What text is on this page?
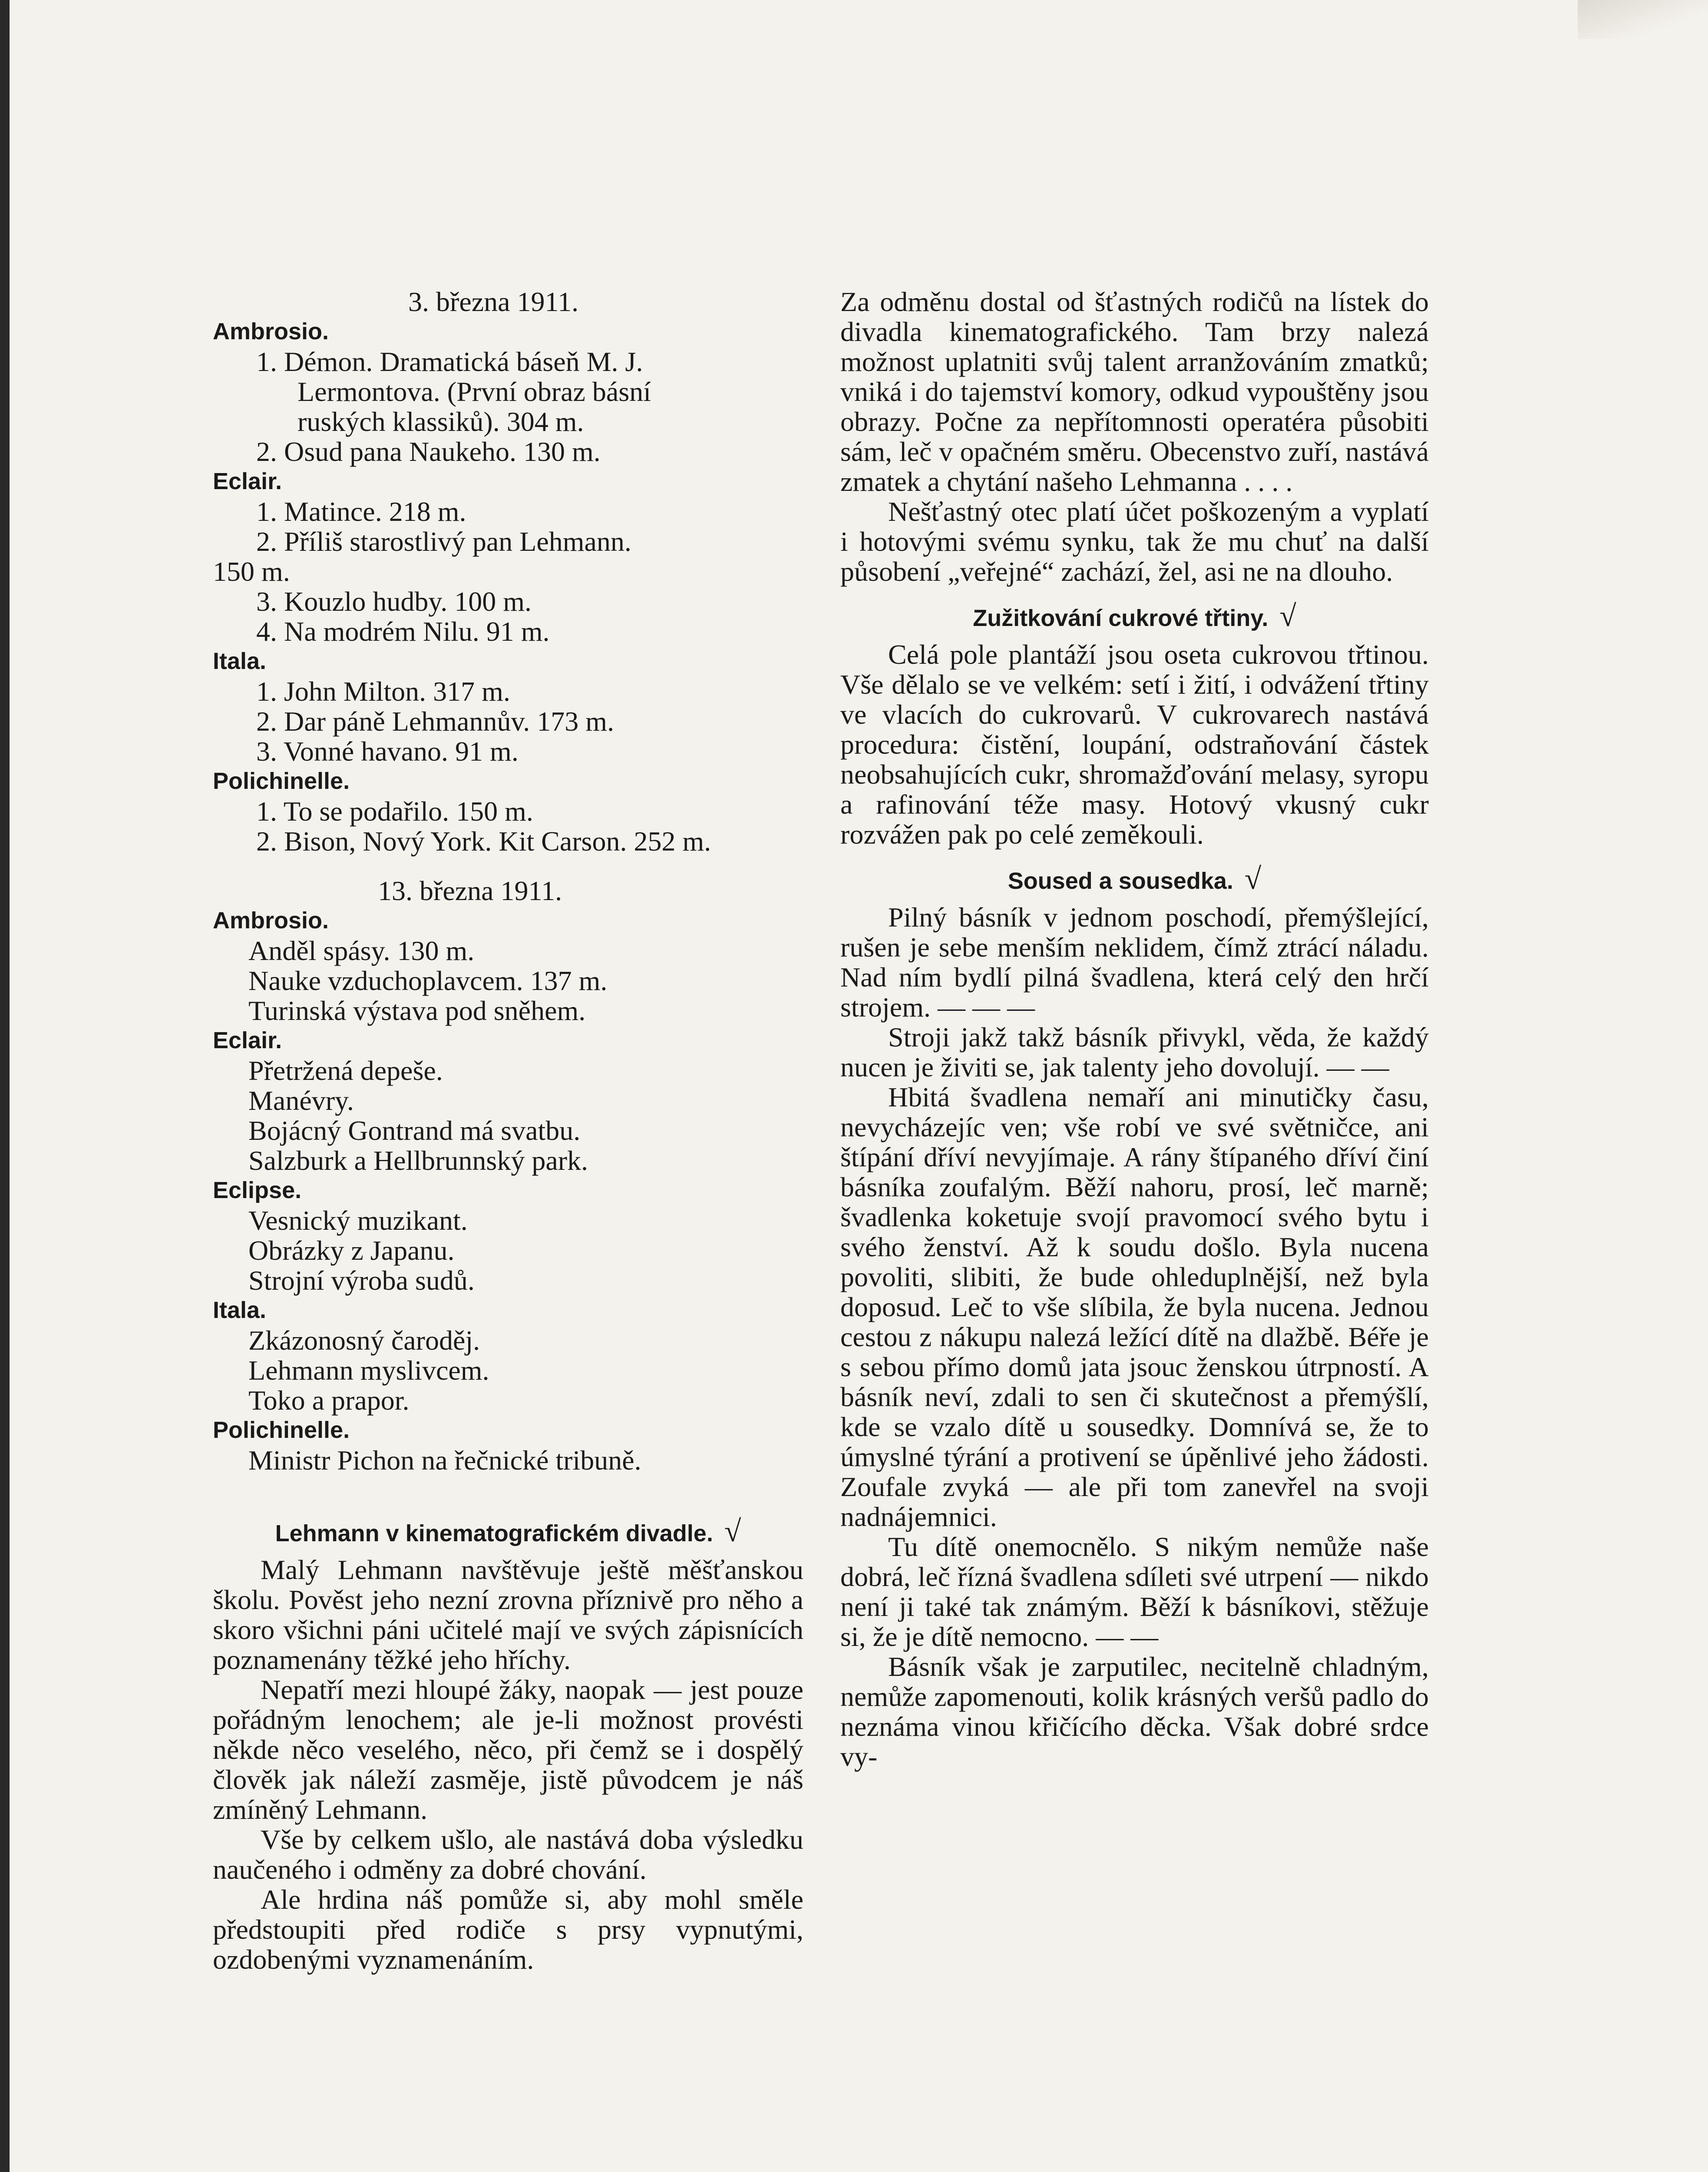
3. března 1911.
Ambrosio.
1. Démon. Dramatická báseň M. J.
Lermontova. (První obraz básní
ruských klassiků). 304 m.
2. Osud pana Naukeho. 130 m.
Eclair.
1. Matince. 218 m.
2. Příliš starostlivý pan Lehmann.
150 m.
3. Kouzlo hudby. 100 m.
4. Na modrém Nilu. 91 m.
Itala.
1. John Milton. 317 m.
2. Dar páně Lehmannův. 173 m.
3. Vonné havano. 91 m.
Polichinelle.
1. To se podařilo. 150 m.
2. Bison, Nový York. Kit Carson. 252 m.
13. března 1911.
Ambrosio.
Anděl spásy. 130 m.
Nauke vzduchoplavcem. 137 m.
Turinská výstava pod sněhem.
Eclair.
Přetržená depeše.
Manévry.
Bojácný Gontrand má svatbu.
Salzburk a Hellbrunnský park.
Eclipse.
Vesnický muzikant.
Obrázky z Japanu.
Strojní výroba sudů.
Itala.
Zkázonosný čaroděj.
Lehmann myslivcem.
Toko a prapor.
Polichinelle.
Ministr Pichon na řečnické tribuně.
Lehmann v kinematografickém divadle. √
Malý Lehmann navštěvuje ještě měšťanskou školu. Pověst jeho nezní zrovna příznivě pro něho a skoro všichni páni učitelé mají ve svých zápisnících poznamenány těžké jeho hříchy.
Nepatří mezi hloupé žáky, naopak — jest pouze pořádným lenochem; ale je-li možnost provésti někde něco veselého, něco, při čemž se i dospělý člověk jak náleží zasměje, jistě původcem je náš zmíněný Lehmann.
Vše by celkem ušlo, ale nastává doba výsledku naučeného i odměny za dobré chování.
Ale hrdina náš pomůže si, aby mohl směle předstoupiti před rodiče s prsy vypnutými, ozdobenými vyznamenáním.
Za odměnu dostal od šťastných rodičů na lístek do divadla kinematografického. Tam brzy nalezá možnost uplatniti svůj talent arranžováním zmatků; vniká i do tajemství komory, odkud vypouštěny jsou obrazy. Počne za nepřítomnosti operatéra působiti sám, leč v opačném směru. Obecenstvo zuří, nastává zmatek a chytání našeho Lehmanna . . . .
Nešťastný otec platí účet poškozeným a vyplatí i hotovými svému synku, tak že mu chuť na další působení „veřejné“ zachází, žel, asi ne na dlouho.
Zužitkování cukrové třtiny. √
Celá pole plantáží jsou oseta cukrovou třtinou. Vše dělalo se ve velkém: setí i žití, i odvážení třtiny ve vlacích do cukrovarů. V cukrovarech nastává procedura: čistění, loupání, odstraňování částek neobsahujících cukr, shromažďování melasy, syropu a rafinování téže masy. Hotový vkusný cukr rozvážen pak po celé zeměkouli.
Soused a sousedka. √
Pilný básník v jednom poschodí, přemýšlející, rušen je sebe menším neklidem, čímž ztrácí náladu. Nad ním bydlí pilná švadlena, která celý den hrčí strojem. — — —
Stroji jakž takž básník přivykl, věda, že každý nucen je živiti se, jak talenty jeho dovolují. — —
Hbitá švadlena nemaří ani minutičky času, nevycházejíc ven; vše robí ve své světničce, ani štípání dříví nevyjímaje. A rány štípaného dříví činí básníka zoufalým. Běží nahoru, prosí, leč marně; švadlenka koketuje svojí pravomocí svého bytu i svého ženství. Až k soudu došlo. Byla nucena povoliti, slibiti, že bude ohleduplnější, než byla doposud. Leč to vše slíbila, že byla nucena. Jednou cestou z nákupu nalezá ležící dítě na dlažbě. Béře je s sebou přímo domů jata jsouc ženskou útrpností. A básník neví, zdali to sen či skutečnost a přemýšlí, kde se vzalo dítě u sousedky. Domnívá se, že to úmyslné týrání a protivení se úpěnlivé jeho žádosti. Zoufale zvyká — ale při tom zanevřel na svoji nadnájemnici.
Tu dítě onemocnělo. S nikým nemůže naše dobrá, leč řízná švadlena sdíleti své utrpení — nikdo není ji také tak známým. Běží k básníkovi, stěžuje si, že je dítě nemocno. — —
Básník však je zarputilec, necitelně chladným, nemůže zapomenouti, kolik krásných veršů padlo do neznáma vinou křičícího děcka. Však dobré srdce vy-
